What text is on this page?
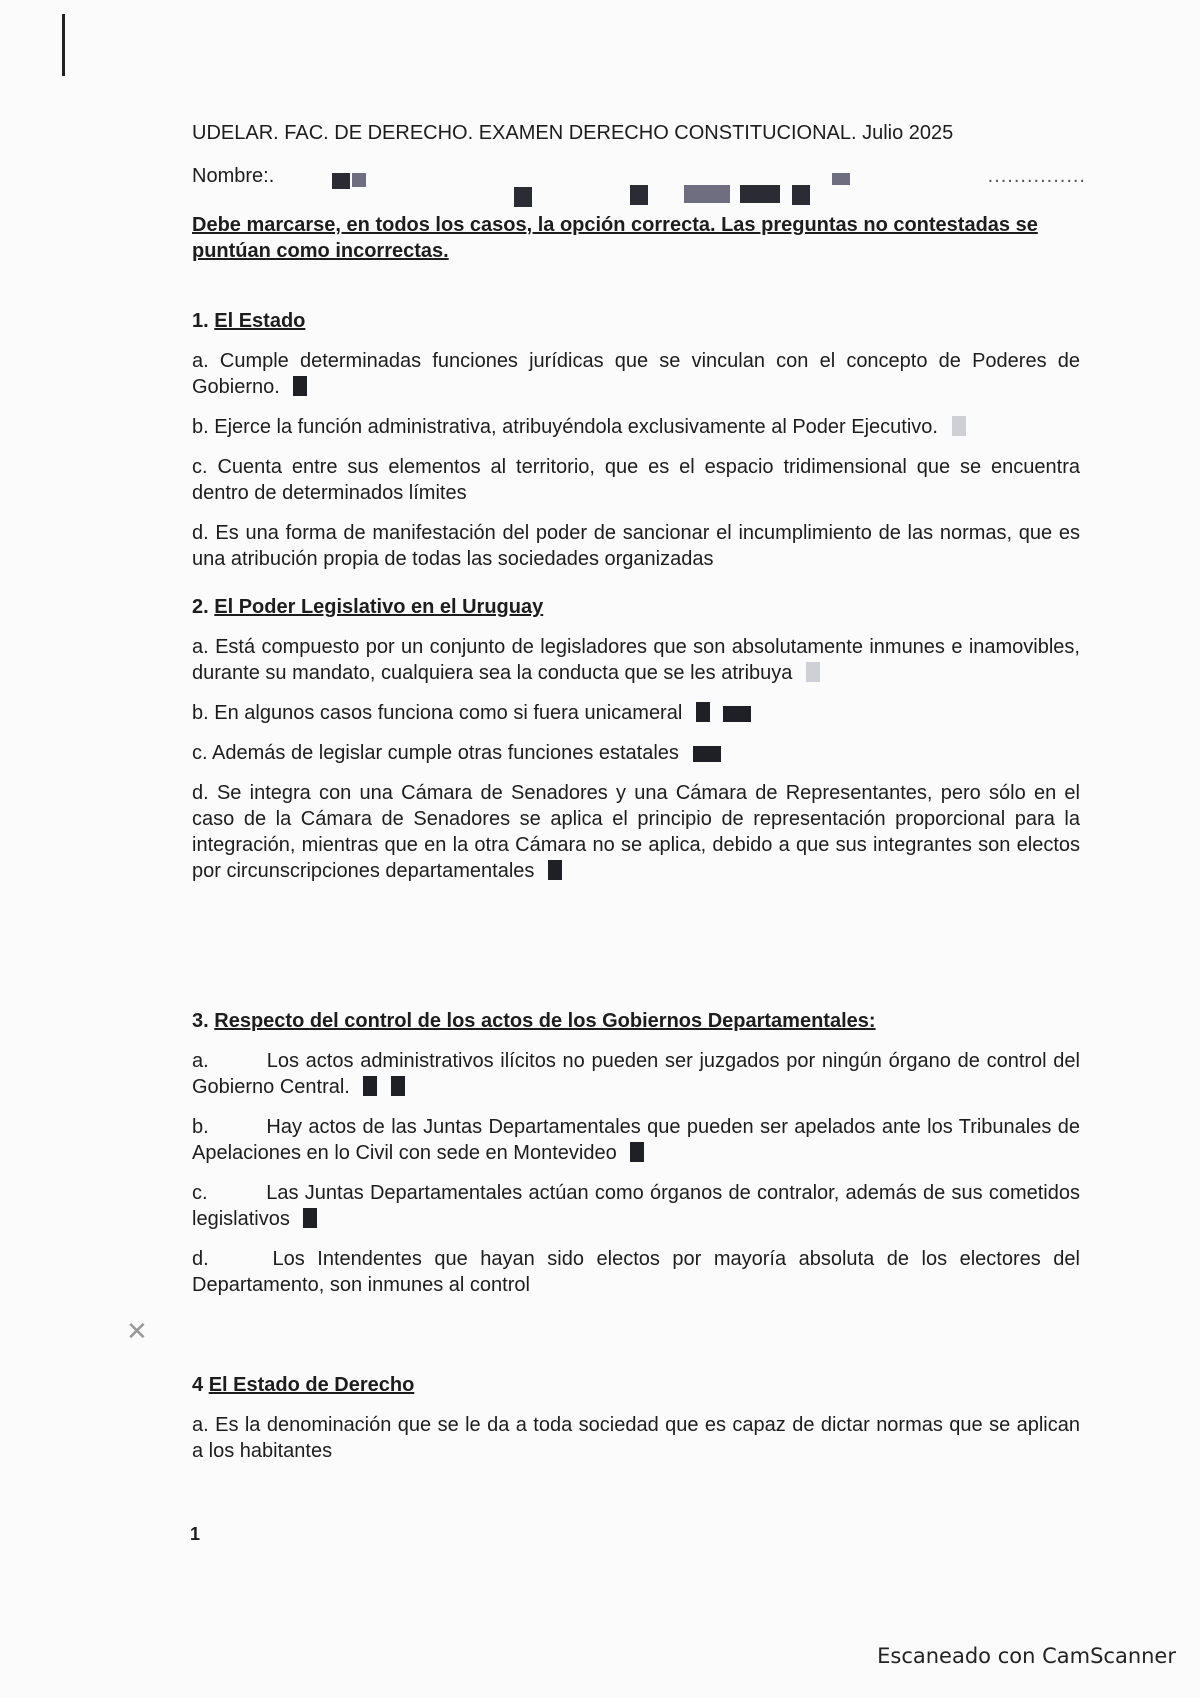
UDELAR. FAC. DE DERECHO. EXAMEN DERECHO CONSTITUCIONAL. Julio 2025
Nombre:.	...............
Debe marcarse, en todos los casos, la opción correcta. Las preguntas no contestadas se puntúan como incorrectas.
1. El Estado
a. Cumple determinadas funciones jurídicas que se vinculan con el concepto de Poderes de Gobierno.
b. Ejerce la función administrativa, atribuyéndola exclusivamente al Poder Ejecutivo.
c. Cuenta entre sus elementos al territorio, que es el espacio tridimensional que se encuentra dentro de determinados límites
d. Es una forma de manifestación del poder de sancionar el incumplimiento de las normas, que es una atribución propia de todas las sociedades organizadas
2. El Poder Legislativo en el Uruguay
a. Está compuesto por un conjunto de legisladores que son absolutamente inmunes e inamovibles, durante su mandato, cualquiera sea la conducta que se les atribuya
b. En algunos casos funciona como si fuera unicameral
c. Además de legislar cumple otras funciones estatales
d. Se integra con una Cámara de Senadores y una Cámara de Representantes, pero sólo en el caso de la Cámara de Senadores se aplica el principio de representación proporcional para la integración, mientras que en la otra Cámara no se aplica, debido a que sus integrantes son electos por circunscripciones departamentales
3. Respecto del control de los actos de los Gobiernos Departamentales:
a.	Los actos administrativos ilícitos no pueden ser juzgados por ningún órgano de control del Gobierno Central.
b.	Hay actos de las Juntas Departamentales que pueden ser apelados ante los Tribunales de Apelaciones en lo Civil con sede en Montevideo
c.	Las Juntas Departamentales actúan como órganos de contralor, además de sus cometidos legislativos
d.	Los Intendentes que hayan sido electos por mayoría absoluta de los electores del Departamento, son inmunes al control
4 El Estado de Derecho
a. Es la denominación que se le da a toda sociedad que es capaz de dictar normas que se aplican a los habitantes
✕
1
Escaneado con CamScanner
